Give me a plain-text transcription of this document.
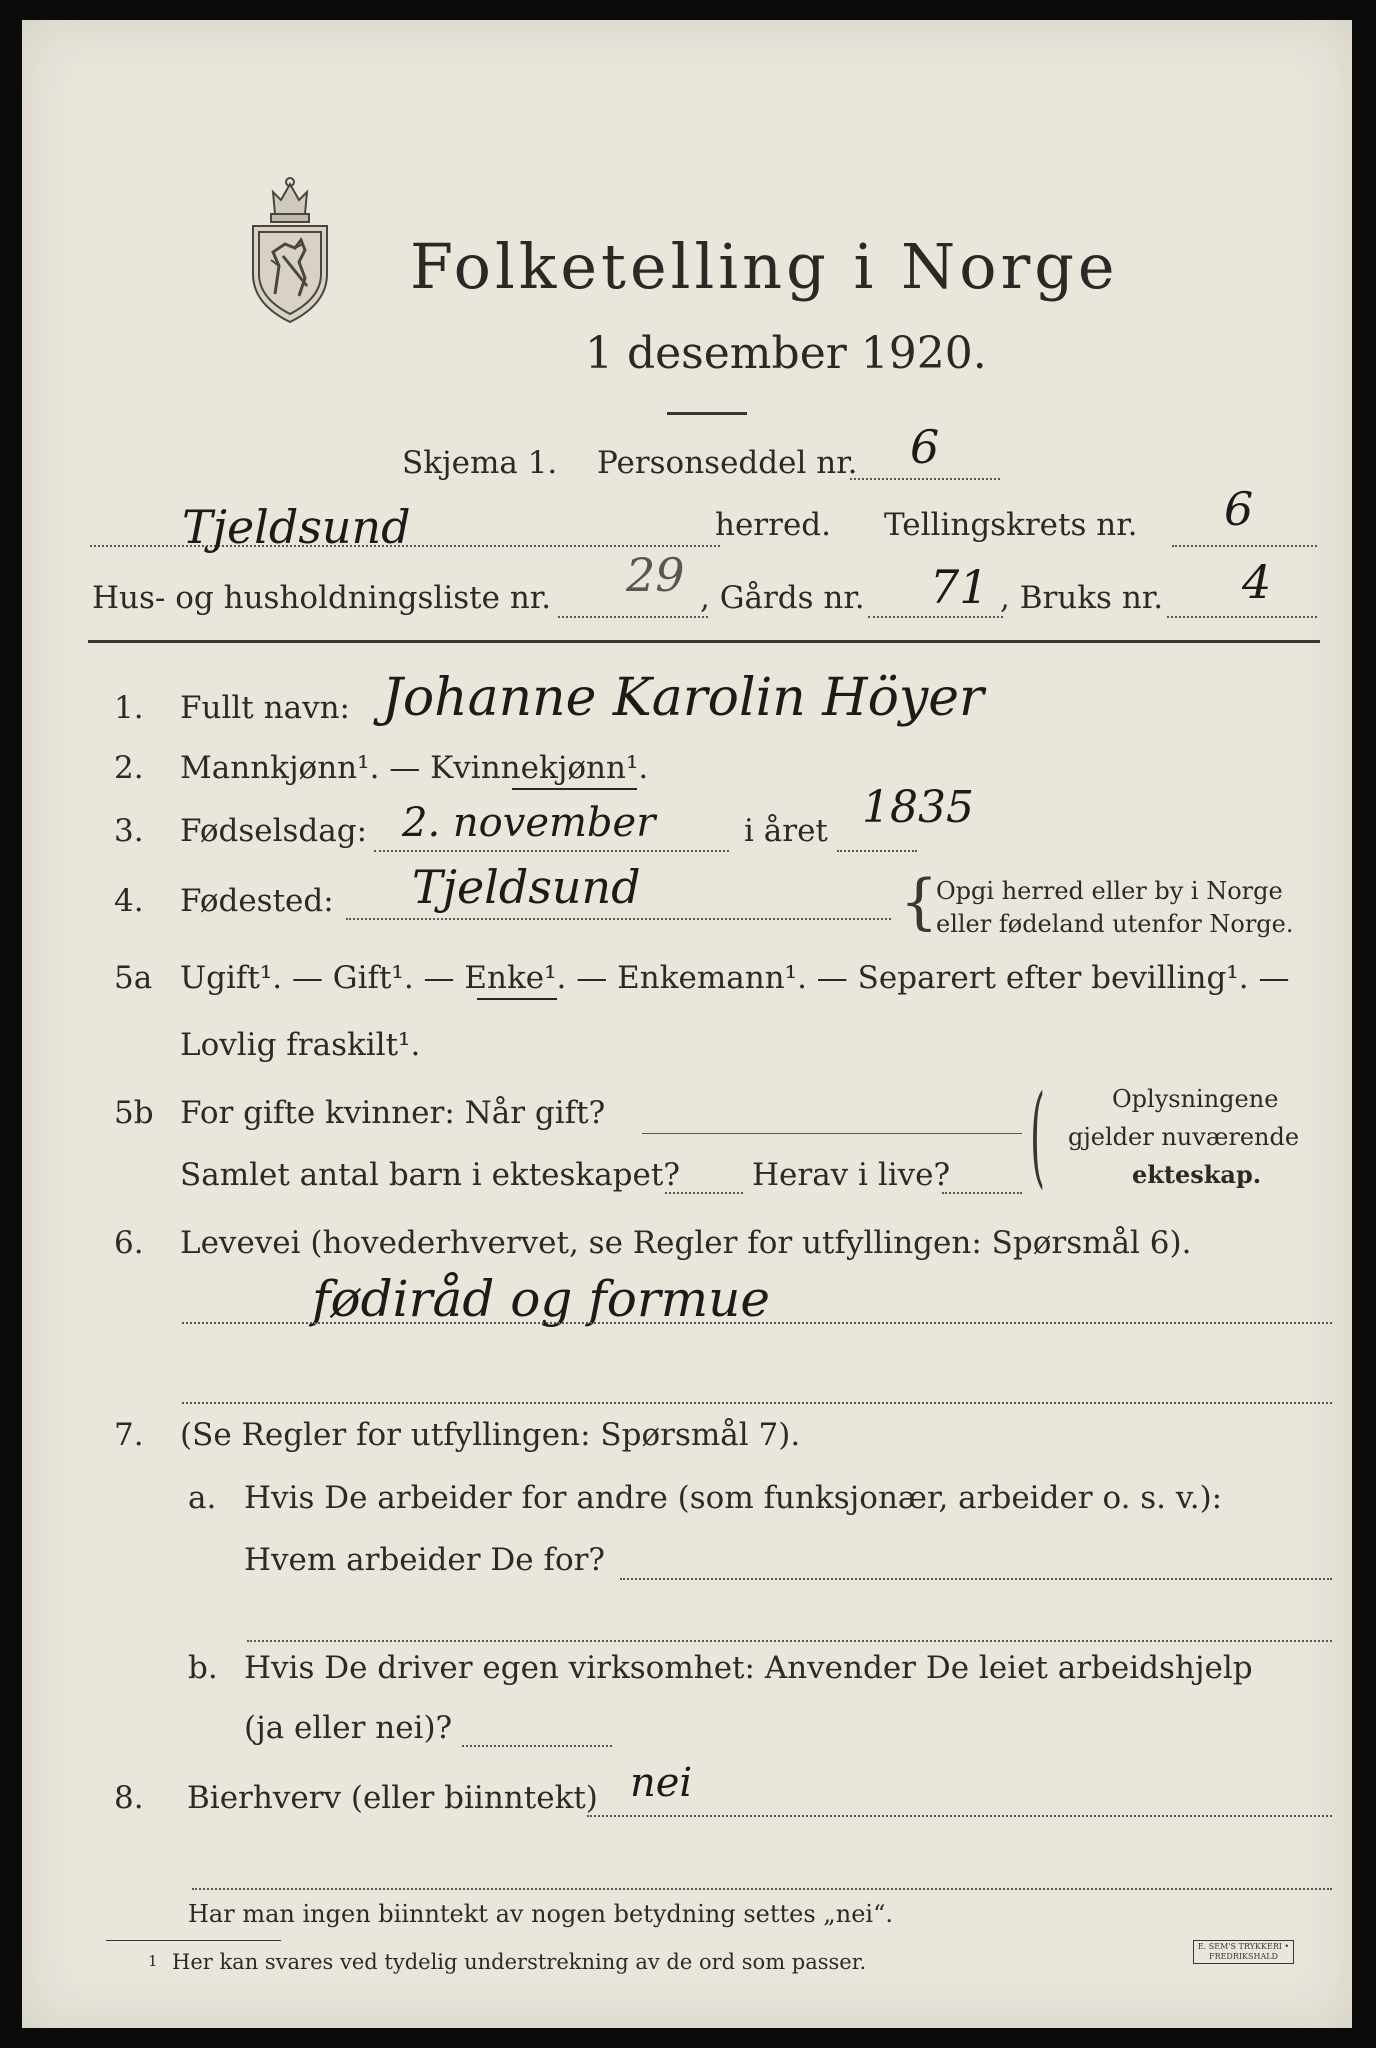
Folketelling i Norge
1 desember 1920.
Skjema 1. Personseddel nr. 6
Tjeldsund	herred. Tellingskrets nr. 6
Hus- og husholdningsliste nr. 29 , Gårds nr. 71 , Bruks nr. 4
1. Fullt navn: Johanne Karolin Höyer
2. Mannkjønn¹. — Kvinnekjønn¹.
3. Fødselsdag: 2. november	i året 1835
4. Fødested: Tjeldsund	{
Opgi herred eller by i Norge
eller fødeland utenfor Norge.
5a Ugift¹. — Gift¹. — Enke¹. — Enkemann¹. — Separert efter bevilling¹. —
Lovlig fraskilt¹.
5b For gifte kvinner: Når gift?
Samlet antal barn i ekteskapet? Herav i live? (	Oplysningene
gjelder nuværende
ekteskap.
6. Levevei (hovederhvervet, se Regler for utfyllingen: Spørsmål 6).
fødiråd og formue
7. (Se Regler for utfyllingen: Spørsmål 7).
a. Hvis De arbeider for andre (som funksjonær, arbeider o. s. v.):
Hvem arbeider De for?
b. Hvis De driver egen virksomhet: Anvender De leiet arbeidshjelp
(ja eller nei)?
8. Bierhverv (eller biinntekt) nei
Har man ingen biinntekt av nogen betydning settes „nei“.
1 Her kan svares ved tydelig understrekning av de ord som passer.
E. SEM'S TRYKKERI • FREDRIKSHALD
